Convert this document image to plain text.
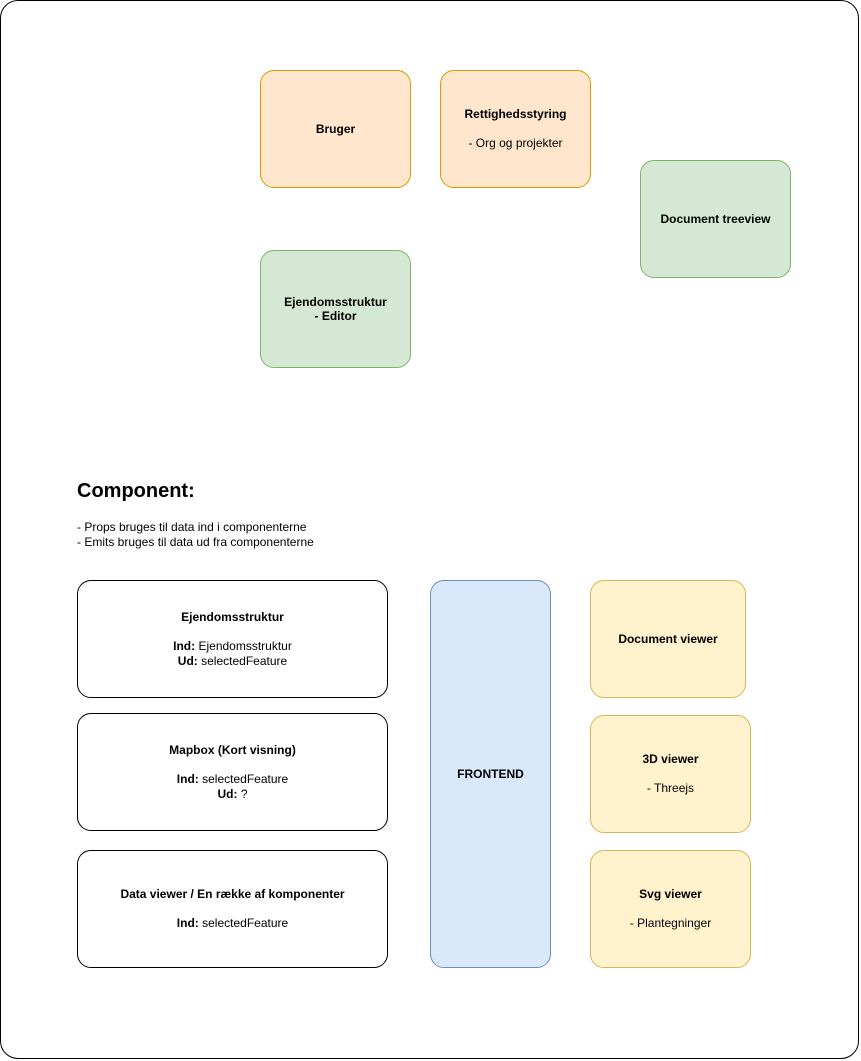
Bruger
Rettighedsstyring
- Org og projekter
Document treeview
Ejendomsstruktur
- Editor
Component:
- Props bruges til data ind i componenterne
- Emits bruges til data ud fra componenterne
Ejendomsstruktur
Ind: Ejendomsstruktur
Ud: selectedFeature
Mapbox (Kort visning)
Ind: selectedFeature
Ud: ?
Data viewer / En række af komponenter
Ind: selectedFeature
FRONTEND
Document viewer
3D viewer
- Threejs
Svg viewer
- Plantegninger
